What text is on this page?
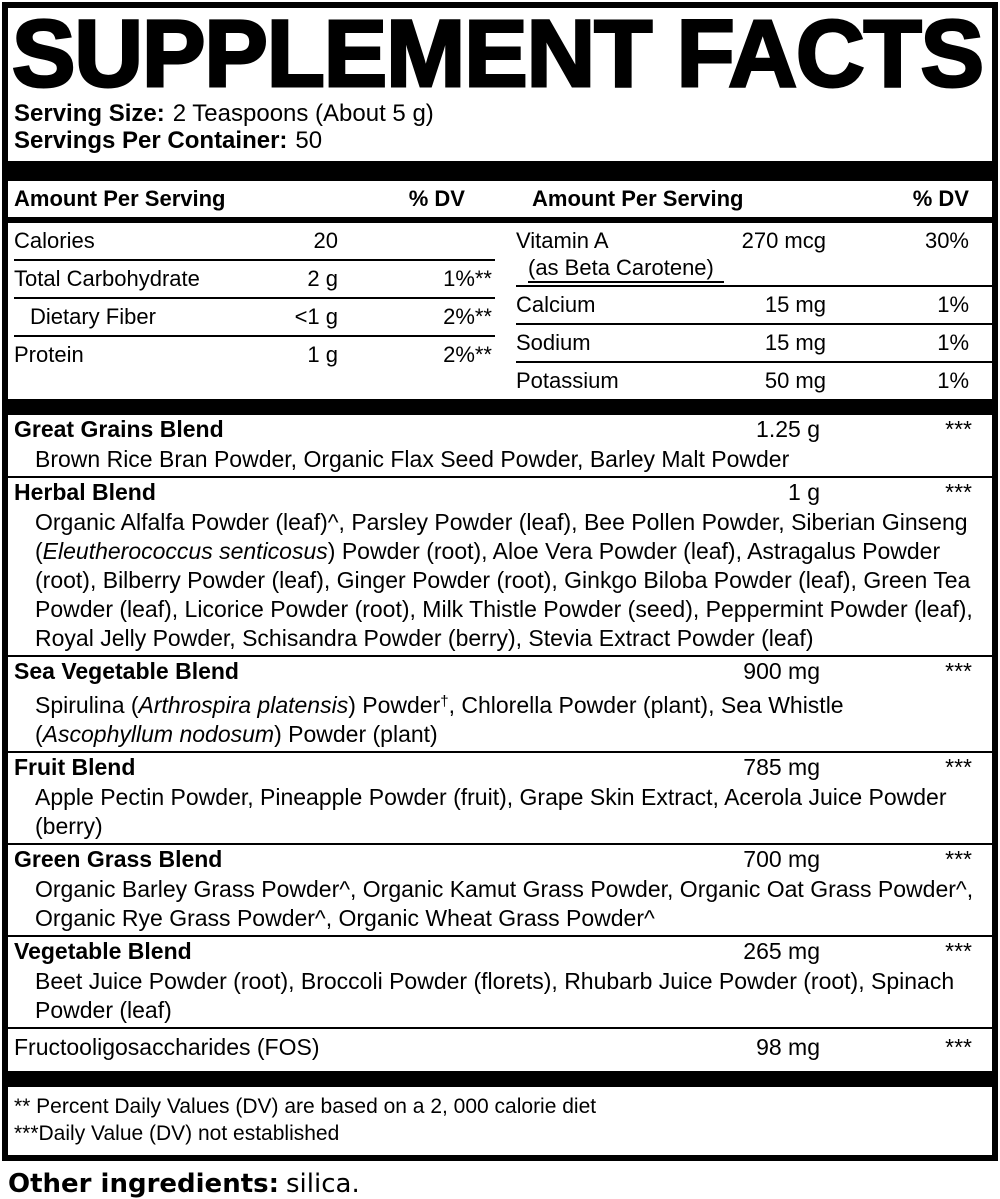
SUPPLEMENT FACTS
Serving Size: 2 Teaspoons (About 5 g)
Servings Per Container: 50
Amount Per Serving	% DV	Amount Per Serving	% DV
Calories	20
Total Carbohydrate	2 g	1%**
Dietary Fiber	<1 g	2%**
Protein	1 g	2%**
Vitamin A	270 mcg	30%
(as Beta Carotene)
Calcium	15 mg	1%
Sodium	15 mg	1%
Potassium	50 mg	1%
Great Grains Blend	1.25 g	***
Brown Rice Bran Powder, Organic Flax Seed Powder, Barley Malt Powder
Herbal Blend	1 g	***
Organic Alfalfa Powder (leaf)^, Parsley Powder (leaf), Bee Pollen Powder, Siberian Ginseng (Eleutherococcus senticosus) Powder (root), Aloe Vera Powder (leaf), Astragalus Powder (root), Bilberry Powder (leaf), Ginger Powder (root), Ginkgo Biloba Powder (leaf), Green Tea Powder (leaf), Licorice Powder (root), Milk Thistle Powder (seed), Peppermint Powder (leaf), Royal Jelly Powder, Schisandra Powder (berry), Stevia Extract Powder (leaf)
Sea Vegetable Blend	900 mg	***
Spirulina (Arthrospira platensis) Powder†, Chlorella Powder (plant), Sea Whistle (Ascophyllum nodosum) Powder (plant)
Fruit Blend	785 mg	***
Apple Pectin Powder, Pineapple Powder (fruit), Grape Skin Extract, Acerola Juice Powder (berry)
Green Grass Blend	700 mg	***
Organic Barley Grass Powder^, Organic Kamut Grass Powder, Organic Oat Grass Powder^, Organic Rye Grass Powder^, Organic Wheat Grass Powder^
Vegetable Blend	265 mg	***
Beet Juice Powder (root), Broccoli Powder (florets), Rhubarb Juice Powder (root), Spinach Powder (leaf)
Fructooligosaccharides (FOS)	98 mg	***

** Percent Daily Values (DV) are based on a 2, 000 calorie diet

***Daily Value (DV) not established

Other ingredients: silica.
